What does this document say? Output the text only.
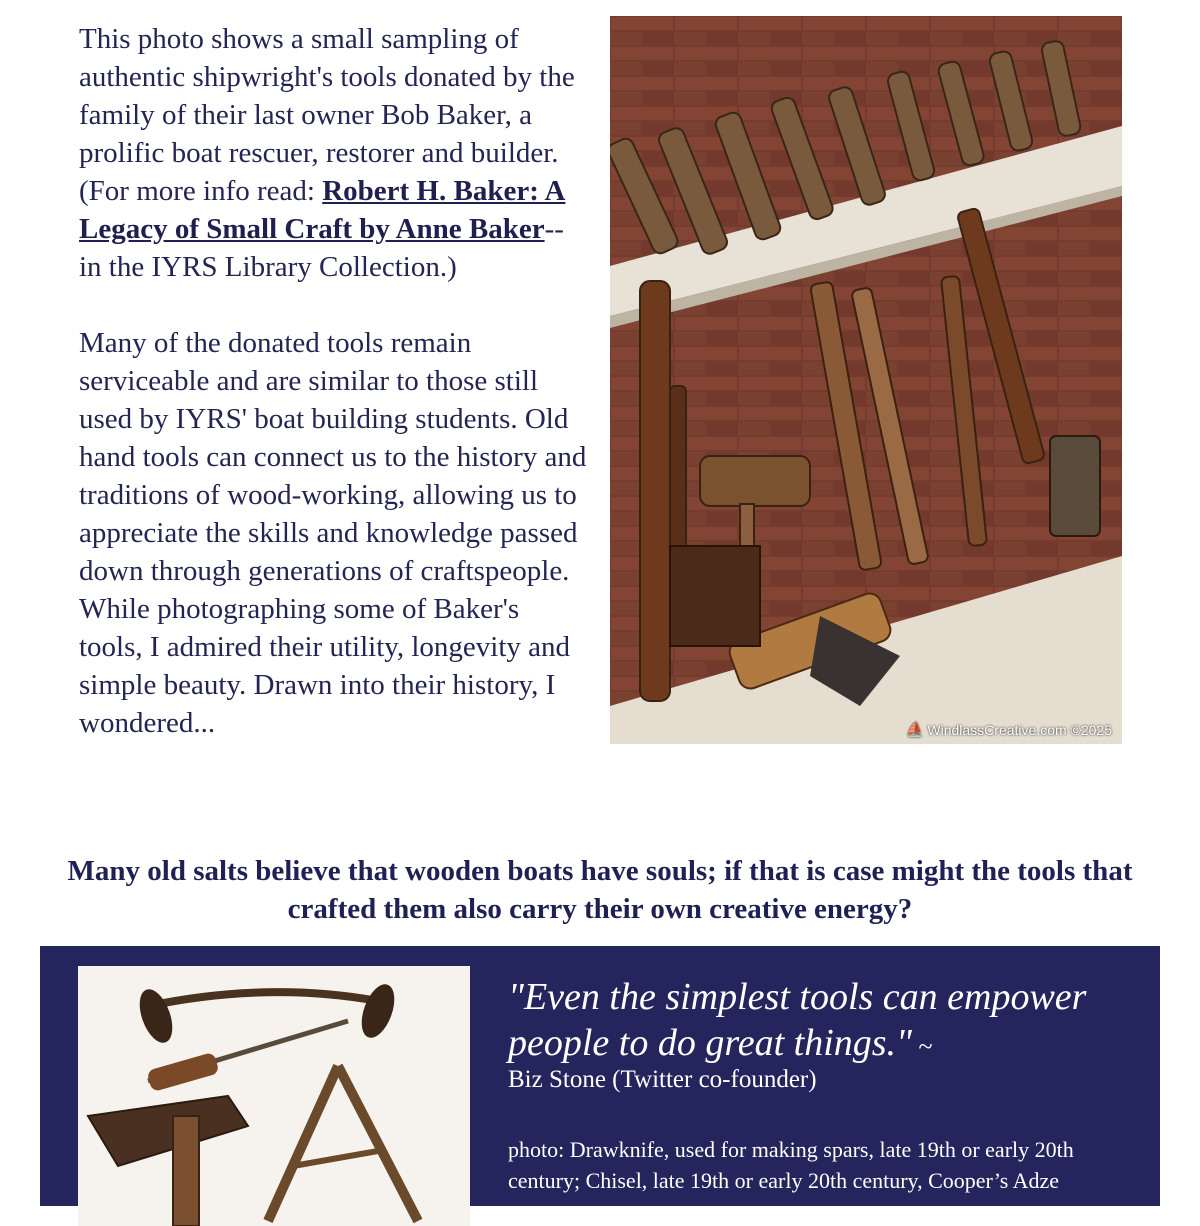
This photo shows a small sampling of authentic shipwright's tools donated by the family of their last owner Bob Baker, a prolific boat rescuer, restorer and builder. (For more info read: Robert H. Baker: A Legacy of Small Craft by Anne Baker-- in the IYRS Library Collection.)

Many of the donated tools remain serviceable and are similar to those still used by IYRS' boat building students. Old hand tools can connect us to the history and traditions of wood-working, allowing us to appreciate the skills and knowledge passed down through generations of craftspeople. While photographing some of Baker's tools, I admired their utility, longevity and simple beauty. Drawn into their history, I wondered...	⛵ WindlassCreative.com ©2025
Many old salts believe that wooden boats have souls; if that is case might the tools that crafted them also carry their own creative energy?
"Even the simplest tools can empower people to do great things." ~
Biz Stone (Twitter co-founder)
photo: Drawknife, used for making spars, late 19th or early 20th century; Chisel, late 19th or early 20th century, Cooper’s Adze
